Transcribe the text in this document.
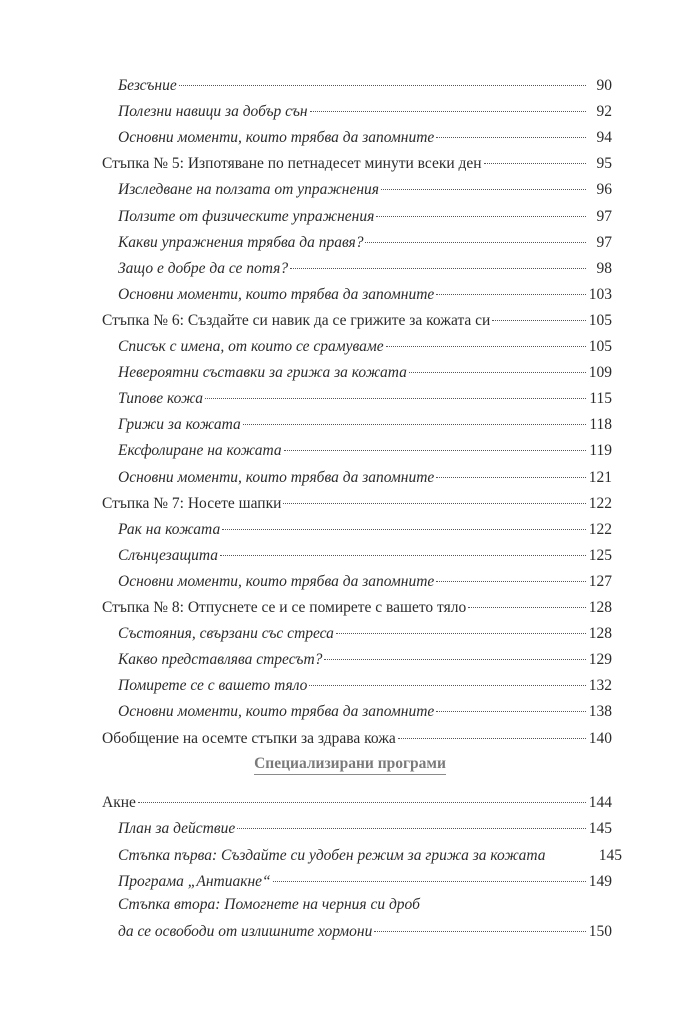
Безсъние	90
Полезни навици за добър сън	92
Основни моменти, които трябва да запомните	94
Стъпка № 5: Изпотяване по петнадесет минути всеки ден	95
Изследване на ползата от упражнения	96
Ползите от физическите упражнения	97
Какви упражнения трябва да правя?	97
Защо е добре да се потя?	98
Основни моменти, които трябва да запомните	103
Стъпка № 6: Създайте си навик да се грижите за кожата си	105
Списък с имена, от които се срамуваме	105
Невероятни съставки за грижа за кожата	109
Типове кожа	115
Грижи за кожата	118
Ексфолиране на кожата	119
Основни моменти, които трябва да запомните	121
Стъпка № 7: Носете шапки	122
Рак на кожата	122
Слънцезащита	125
Основни моменти, които трябва да запомните	127
Стъпка № 8: Отпуснете се и се помирете с вашето тяло	128
Състояния, свързани със стреса	128
Какво представлява стресът?	129
Помирете се с вашето тяло	132
Основни моменти, които трябва да запомните	138
Обобщение на осемте стъпки за здрава кожа	140
Специализирани програми
Акне	144
План за действие	145
Стъпка първа: Създайте си удобен режим за грижа за кожата	145
Програма „Антиакне“	149
Стъпка втора: Помогнете на черния си дроб
да се освободи от излишните хормони	150
